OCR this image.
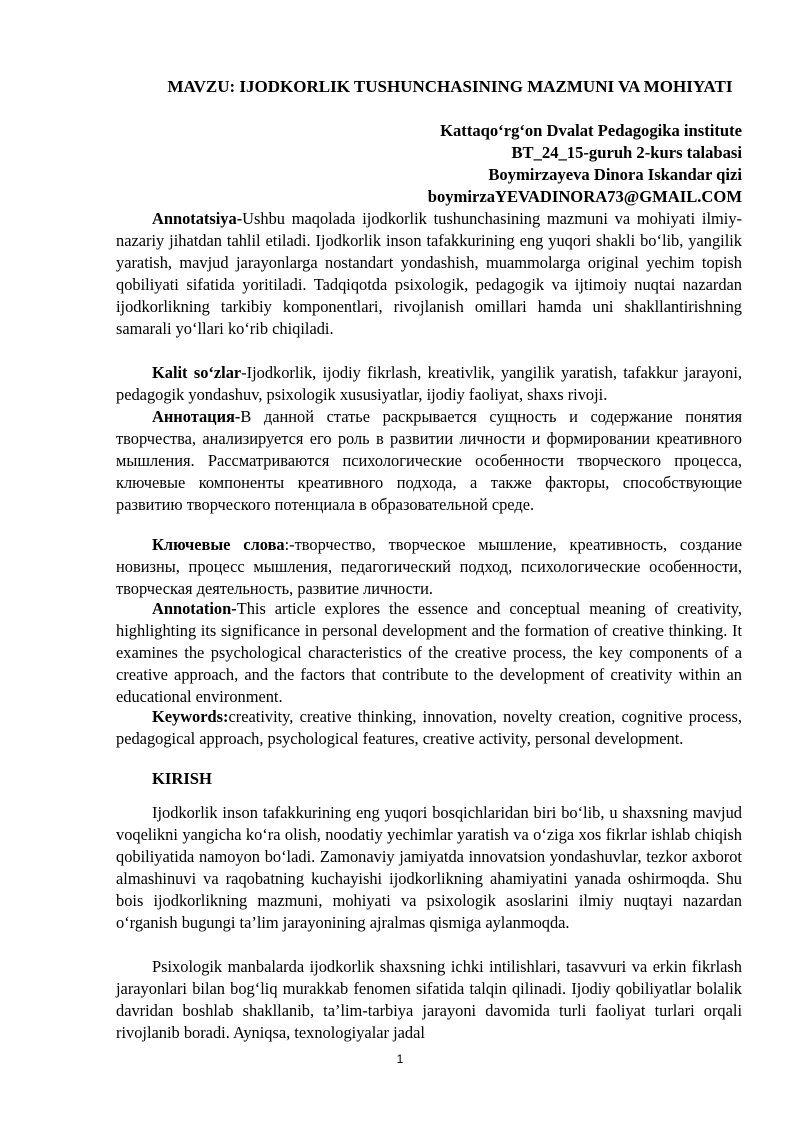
MAVZU: IJODKORLIK TUSHUNCHASINING MAZMUNI VA MOHIYATI
Kattaqo‘rg‘on Dvalat Pedagogika institute
BT_24_15-guruh 2-kurs talabasi
Boymirzayeva Dinora Iskandar qizi
boymirzaYEVADINORA73@GMAIL.COM

Annotatsiya-Ushbu maqolada ijodkorlik tushunchasining mazmuni va mohiyati ilmiy-nazariy jihatdan tahlil etiladi. Ijodkorlik inson tafakkurining eng yuqori shakli bo‘lib, yangilik yaratish, mavjud jarayonlarga nostandart yondashish, muammolarga original yechim topish qobiliyati sifatida yoritiladi. Tadqiqotda psixologik, pedagogik va ijtimoiy nuqtai nazardan ijodkorlikning tarkibiy komponentlari, rivojlanish omillari hamda uni shakllantirishning samarali yo‘llari ko‘rib chiqiladi.

Kalit so‘zlar-Ijodkorlik, ijodiy fikrlash, kreativlik, yangilik yaratish, tafakkur jarayoni, pedagogik yondashuv, psixologik xususiyatlar, ijodiy faoliyat, shaxs rivoji.

Аннотация-В данной статье раскрывается сущность и содержание понятия творчества, анализируется его роль в развитии личности и формировании креативного мышления. Рассматриваются психологические особенности творческого процесса, ключевые компоненты креативного подхода, а также факторы, способствующие развитию творческого потенциала в образовательной среде.

Ключевые слова:-творчество, творческое мышление, креативность, создание новизны, процесс мышления, педагогический подход, психологические особенности, творческая деятельность, развитие личности.

Annotation-This article explores the essence and conceptual meaning of creativity, highlighting its significance in personal development and the formation of creative thinking. It examines the psychological characteristics of the creative process, the key components of a creative approach, and the factors that contribute to the development of creativity within an educational environment.

Keywords:creativity, creative thinking, innovation, novelty creation, cognitive process, pedagogical approach, psychological features, creative activity, personal development.

KIRISH

Ijodkorlik inson tafakkurining eng yuqori bosqichlaridan biri bo‘lib, u shaxsning mavjud voqelikni yangicha ko‘ra olish, noodatiy yechimlar yaratish va o‘ziga xos fikrlar ishlab chiqish qobiliyatida namoyon bo‘ladi. Zamonaviy jamiyatda innovatsion yondashuvlar, tezkor axborot almashinuvi va raqobatning kuchayishi ijodkorlikning ahamiyatini yanada oshirmoqda. Shu bois ijodkorlikning mazmuni, mohiyati va psixologik asoslarini ilmiy nuqtayi nazardan o‘rganish bugungi ta’lim jarayonining ajralmas qismiga aylanmoqda.

Psixologik manbalarda ijodkorlik shaxsning ichki intilishlari, tasavvuri va erkin fikrlash jarayonlari bilan bog‘liq murakkab fenomen sifatida talqin qilinadi. Ijodiy qobiliyatlar bolalik davridan boshlab shakllanib, ta’lim-tarbiya jarayoni davomida turli faoliyat turlari orqali rivojlanib boradi. Ayniqsa, texnologiyalar jadal

1
